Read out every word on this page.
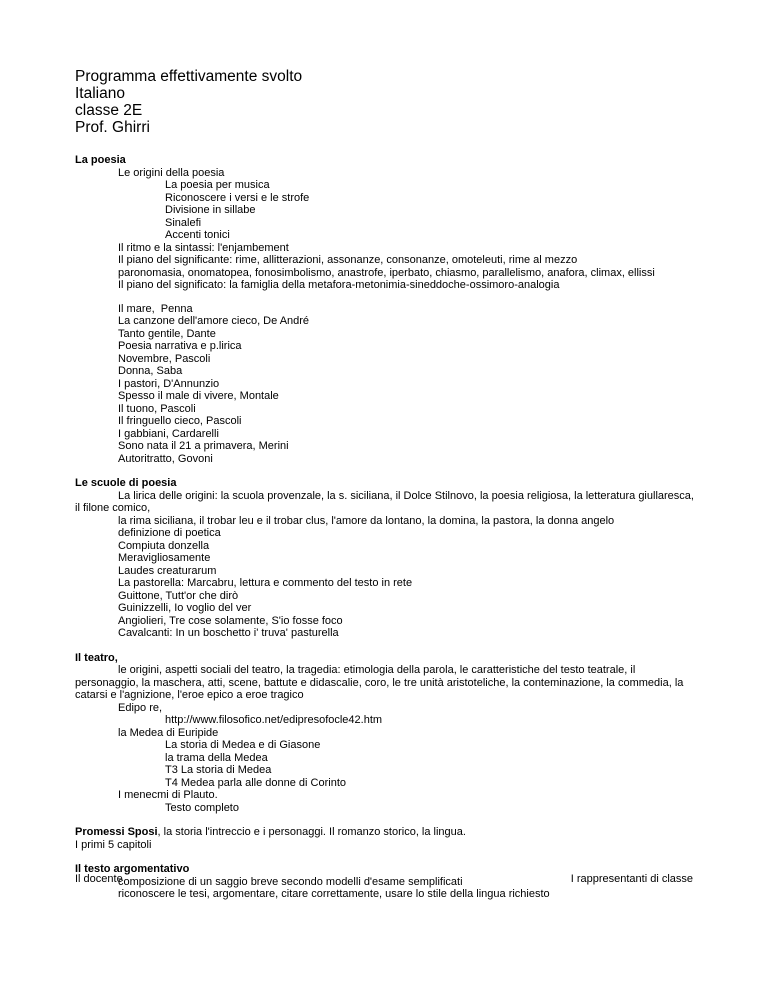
Programma effettivamente svolto
Italiano
classe 2E
Prof. Ghirri
La poesia
Le origini della poesia
La poesia per musica
Riconoscere i versi e le strofe
Divisione in sillabe
Sinalefi
Accenti tonici
Il ritmo e la sintassi: l'enjambement
Il piano del significante: rime, allitterazioni, assonanze, consonanze, omoteleuti, rime al mezzo
paronomasia, onomatopea, fonosimbolismo, anastrofe, iperbato, chiasmo, parallelismo, anafora, climax, ellissi
Il piano del significato: la famiglia della metafora-metonimia-sineddoche-ossimoro-analogia
Il mare,  Penna
La canzone dell'amore cieco, De André
Tanto gentile, Dante
Poesia narrativa e p.lirica
Novembre, Pascoli
Donna, Saba
I pastori, D'Annunzio
Spesso il male di vivere, Montale
Il tuono, Pascoli
Il fringuello cieco, Pascoli
I gabbiani, Cardarelli
Sono nata il 21 a primavera, Merini
Autoritratto, Govoni
Le scuole di poesia
La lirica delle origini: la scuola provenzale, la s. siciliana, il Dolce Stilnovo, la poesia religiosa, la letteratura giullaresca, il filone comico,
la rima siciliana, il trobar leu e il trobar clus, l'amore da lontano, la domina, la pastora, la donna angelo
definizione di poetica
Compiuta donzella
Meravigliosamente
Laudes creaturarum
La pastorella: Marcabru, lettura e commento del testo in rete
Guittone, Tutt'or che dirò
Guinizzelli, Io voglio del ver
Angiolieri, Tre cose solamente, S'io fosse foco
Cavalcanti: In un boschetto i' truva' pasturella
Il teatro,
le origini, aspetti sociali del teatro, la tragedia: etimologia della parola, le caratteristiche del testo teatrale, il personaggio, la maschera, atti, scene, battute e didascalie, coro, le tre unità aristoteliche, la conteminazione, la commedia, la catarsi e l'agnizione, l'eroe epico a eroe tragico
Edipo re,
http://www.filosofico.net/edipresofocle42.htm
la Medea di Euripide
La storia di Medea e di Giasone
la trama della Medea
T3 La storia di Medea
T4 Medea parla alle donne di Corinto
I menecmi di Plauto.
Testo completo
Promessi Sposi, la storia l'intreccio e i personaggi. Il romanzo storico, la lingua.
I primi 5 capitoli
Il testo argomentativo
composizione di un saggio breve secondo modelli d'esame semplificati
riconoscere le tesi, argomentare, citare correttamente, usare lo stile della lingua richiesto
Il docente	I rappresentanti di classe
